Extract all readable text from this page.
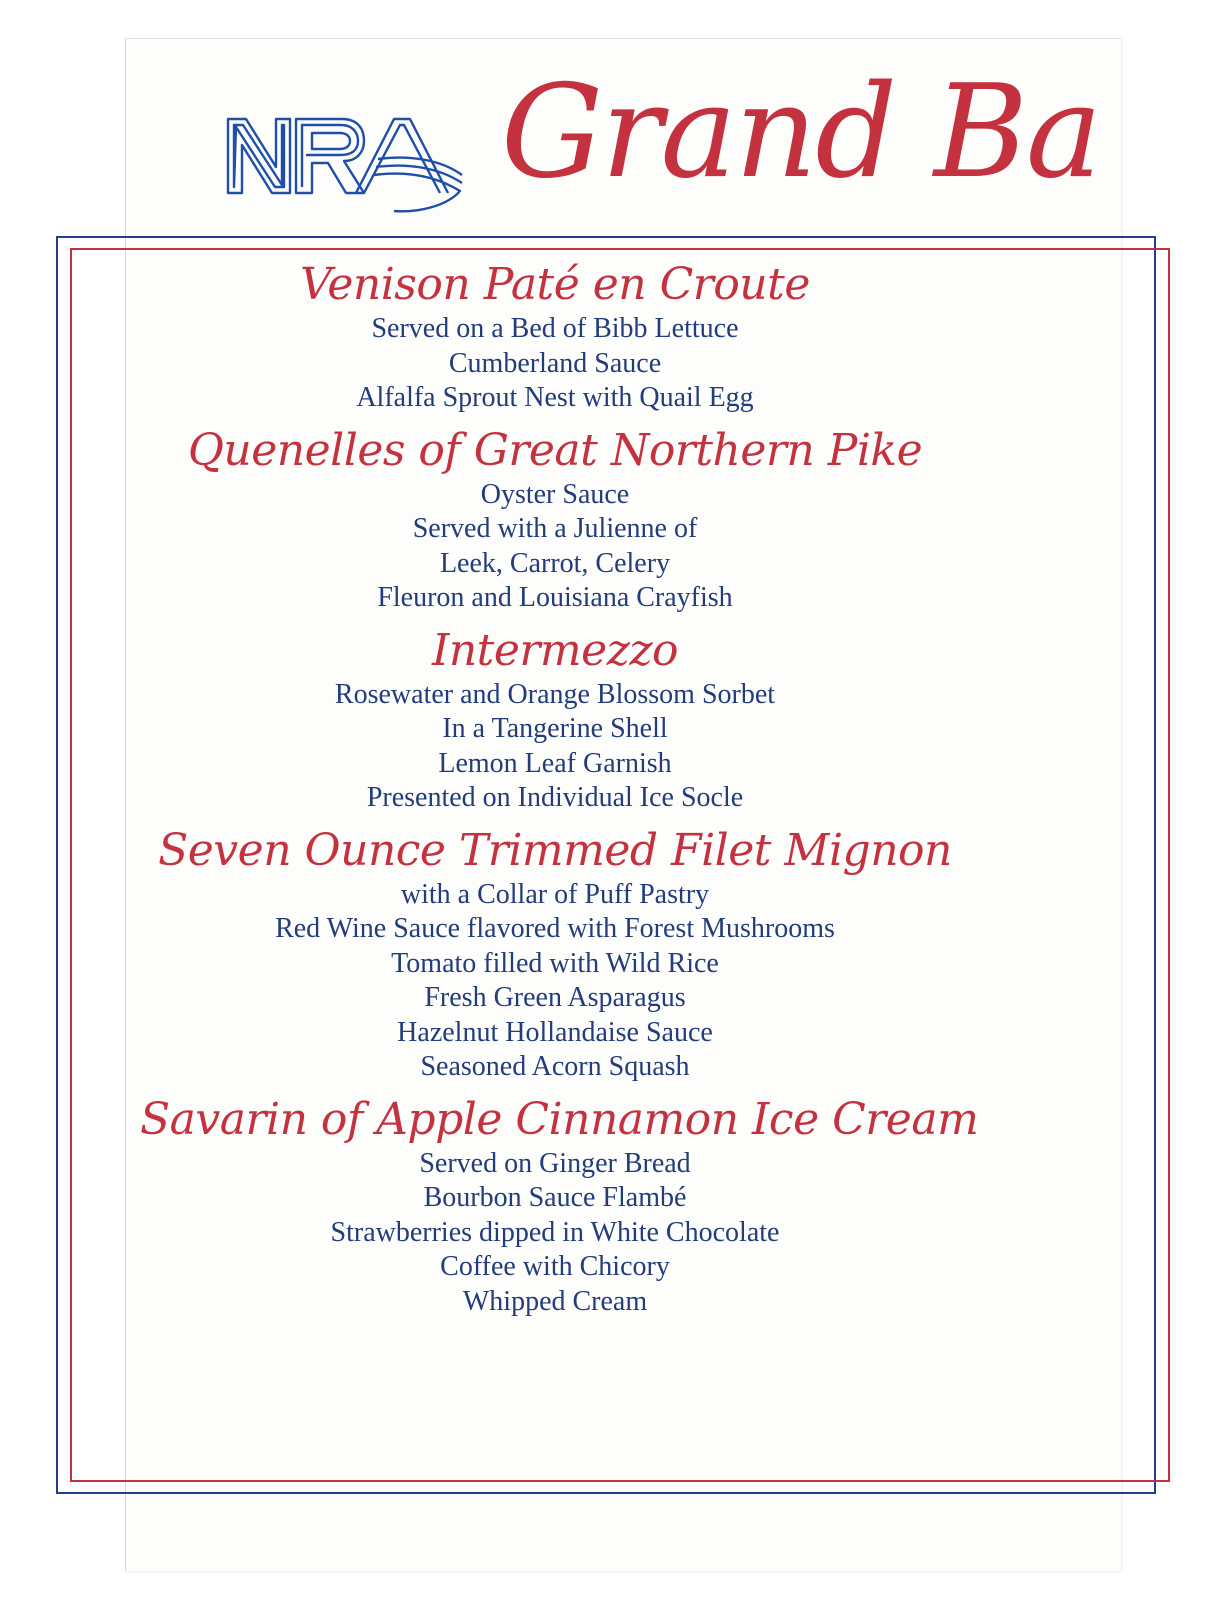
Grand Ba
Venison Paté en Croute
Served on a Bed of Bibb Lettuce
Cumberland Sauce
Alfalfa Sprout Nest with Quail Egg
Quenelles of Great Northern Pike
Oyster Sauce
Served with a Julienne of
Leek, Carrot, Celery
Fleuron and Louisiana Crayfish
Intermezzo
Rosewater and Orange Blossom Sorbet
In a Tangerine Shell
Lemon Leaf Garnish
Presented on Individual Ice Socle
Seven Ounce Trimmed Filet Mignon
with a Collar of Puff Pastry
Red Wine Sauce flavored with Forest Mushrooms
Tomato filled with Wild Rice
Fresh Green Asparagus
Hazelnut Hollandaise Sauce
Seasoned Acorn Squash
Savarin of Apple Cinnamon Ice Cream
Served on Ginger Bread
Bourbon Sauce Flambé
Strawberries dipped in White Chocolate
Coffee with Chicory
Whipped Cream
